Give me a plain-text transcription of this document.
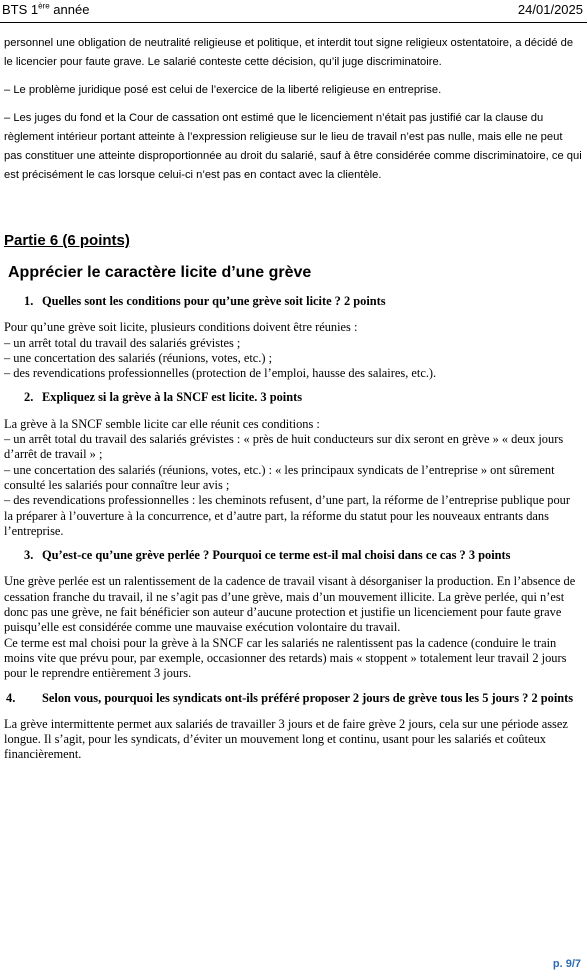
BTS 1ère année	24/01/2025

personnel une obligation de neutralité religieuse et politique, et interdit tout signe religieux ostentatoire, a décidé de le licencier pour faute grave. Le salarié conteste cette décision, qu’il juge discriminatoire.

– Le problème juridique posé est celui de l’exercice de la liberté religieuse en entreprise.

– Les juges du fond et la Cour de cassation ont estimé que le licenciement n’était pas justifié car la clause du règlement intérieur portant atteinte à l’expression religieuse sur le lieu de travail n’est pas nulle, mais elle ne peut pas constituer une atteinte disproportionnée au droit du salarié, sauf à être considérée comme discriminatoire, ce qui est précisément le cas lorsque celui-ci n’est pas en contact avec la clientèle.

Partie 6 (6 points)
Apprécier le caractère licite d’une grève

1. Quelles sont les conditions pour qu’une grève soit licite ? 2 points

Pour qu’une grève soit licite, plusieurs conditions doivent être réunies :

– un arrêt total du travail des salariés grévistes ;

– une concertation des salariés (réunions, votes, etc.) ;

– des revendications professionnelles (protection de l’emploi, hausse des salaires, etc.).

2. Expliquez si la grève à la SNCF est licite. 3 points

La grève à la SNCF semble licite car elle réunit ces conditions :

– un arrêt total du travail des salariés grévistes : « près de huit conducteurs sur dix seront en grève » « deux jours d’arrêt de travail » ;

– une concertation des salariés (réunions, votes, etc.) : « les principaux syndicats de l’entreprise » ont sûrement consulté les salariés pour connaître leur avis ;

– des revendications professionnelles : les cheminots refusent, d’une part, la réforme de l’entreprise publique pour la préparer à l’ouverture à la concurrence, et d’autre part, la réforme du statut pour les nouveaux entrants dans l’entreprise.

3. Qu’est-ce qu’une grève perlée ? Pourquoi ce terme est-il mal choisi dans ce cas ? 3 points

Une grève perlée est un ralentissement de la cadence de travail visant à désorganiser la production. En l’absence de cessation franche du travail, il ne s’agit pas d’une grève, mais d’un mouvement illicite. La grève perlée, qui n’est donc pas une grève, ne fait bénéficier son auteur d’aucune protection et justifie un licenciement pour faute grave puisqu’elle est considérée comme une mauvaise exécution volontaire du travail.

Ce terme est mal choisi pour la grève à la SNCF car les salariés ne ralentissent pas la cadence (conduire le train moins vite que prévu pour, par exemple, occasionner des retards) mais « stoppent » totalement leur travail 2 jours pour le reprendre entièrement 3 jours.

4. Selon vous, pourquoi les syndicats ont-ils préféré proposer 2 jours de grève tous les 5 jours ? 2 points

La grève intermittente permet aux salariés de travailler 3 jours et de faire grève 2 jours, cela sur une période assez longue. Il s’agit, pour les syndicats, d’éviter un mouvement long et continu, usant pour les salariés et coûteux financièrement.

p. 9/7
